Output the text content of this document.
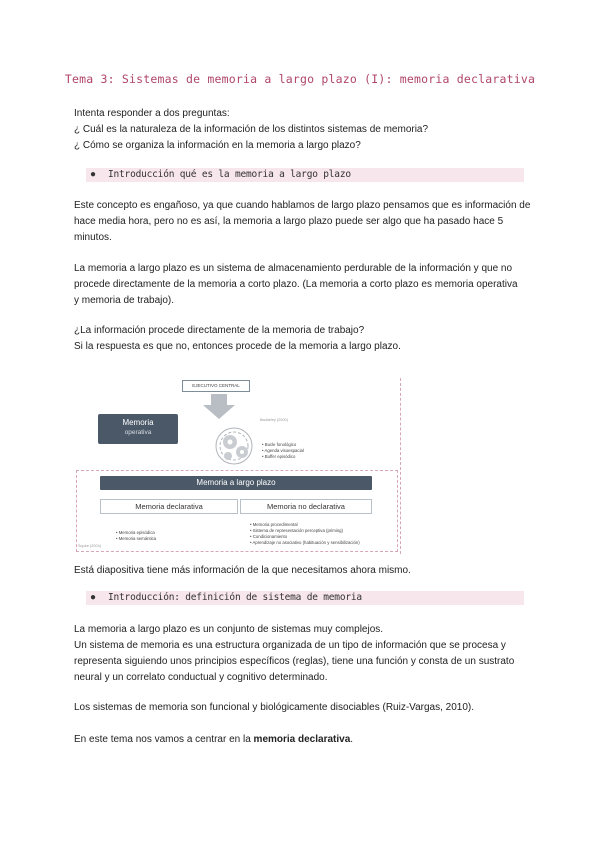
Tema 3: Sistemas de memoria a largo plazo (I): memoria declarativa
Intenta responder a dos preguntas:
¿ Cuál es la naturaleza de la información de los distintos sistemas de memoria?
¿ Cómo se organiza la información en la memoria a largo plazo?
● Introducción qué es la memoria a largo plazo
Este concepto es engañoso, ya que cuando hablamos de largo plazo pensamos que es información de
hace media hora, pero no es así, la memoria a largo plazo puede ser algo que ha pasado hace 5
minutos.
La memoria a largo plazo es un sistema de almacenamiento perdurable de la información y que no
procede directamente de la memoria a corto plazo. (La memoria a corto plazo es memoria operativa
y memoria de trabajo).
¿La información procede directamente de la memoria de trabajo?
Si la respuesta es que no, entonces procede de la memoria a largo plazo.
EJECUTIVO CENTRAL
Baddeley (2000)
Memoria
operativa
• Bucle fonológico
• Agenda visoespacial
• Buffer episódico
Memoria a largo plazo
Memoria declarativa	Memoria no declarativa
• Memoria episódica
• Memoria semántica
• Memoria procedimental
• Sistema de representación perceptiva (priming)
• Condicionamiento
• Aprendizaje no asociativo (habituación y sensibilización)
Squire (2004)
Está diapositiva tiene más información de la que necesitamos ahora mismo.
● Introducción: definición de sistema de memoria
La memoria a largo plazo es un conjunto de sistemas muy complejos.
Un sistema de memoria es una estructura organizada de un tipo de información que se procesa y
representa siguiendo unos principios específicos (reglas), tiene una función y consta de un sustrato
neural y un correlato conductual y cognitivo determinado.
Los sistemas de memoria son funcional y biológicamente disociables (Ruiz-Vargas, 2010).
En este tema nos vamos a centrar en la memoria declarativa.
